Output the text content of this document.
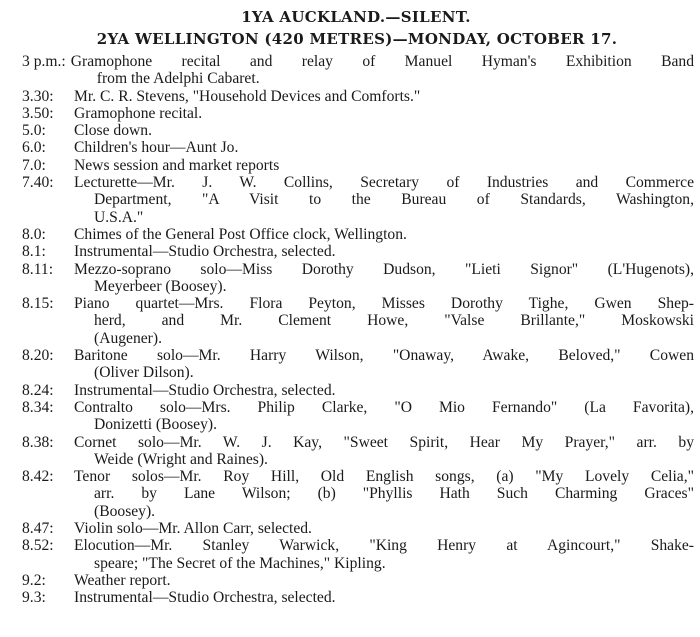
1YA AUCKLAND.—SILENT.
2YA WELLINGTON (420 METRES)—MONDAY, OCTOBER 17.
3 p.m.: Gramophone recital and relay of Manuel Hyman's Exhibition Band
from the Adelphi Cabaret.
3.30:	Mr. C. R. Stevens, "Household Devices and Comforts."
3.50:	Gramophone recital.
5.0:	Close down.
6.0:	Children's hour—Aunt Jo.
7.0:	News session and market reports
7.40:	Lecturette—Mr. J. W. Collins, Secretary of Industries and Commerce
Department, "A Visit to the Bureau of Standards, Washington,
U.S.A."
8.0:	Chimes of the General Post Office clock, Wellington.
8.1:	Instrumental—Studio Orchestra, selected.
8.11:	Mezzo-soprano solo—Miss Dorothy Dudson, "Lieti Signor" (L'Hugenots),
Meyerbeer (Boosey).
8.15:	Piano quartet—Mrs. Flora Peyton, Misses Dorothy Tighe, Gwen Shep-
herd, and Mr. Clement Howe, "Valse Brillante," Moskowski
(Augener).
8.20:	Baritone solo—Mr. Harry Wilson, "Onaway, Awake, Beloved," Cowen
(Oliver Dilson).
8.24:	Instrumental—Studio Orchestra, selected.
8.34:	Contralto solo—Mrs. Philip Clarke, "O Mio Fernando" (La Favorita),
Donizetti (Boosey).
8.38:	Cornet solo—Mr. W. J. Kay, "Sweet Spirit, Hear My Prayer," arr. by
Weide (Wright and Raines).
8.42:	Tenor solos—Mr. Roy Hill, Old English songs, (a) "My Lovely Celia,"
arr. by Lane Wilson; (b) "Phyllis Hath Such Charming Graces"
(Boosey).
8.47:	Violin solo—Mr. Allon Carr, selected.
8.52:	Elocution—Mr. Stanley Warwick, "King Henry at Agincourt," Shake-
speare; "The Secret of the Machines," Kipling.
9.2:	Weather report.
9.3:	Instrumental—Studio Orchestra, selected.
